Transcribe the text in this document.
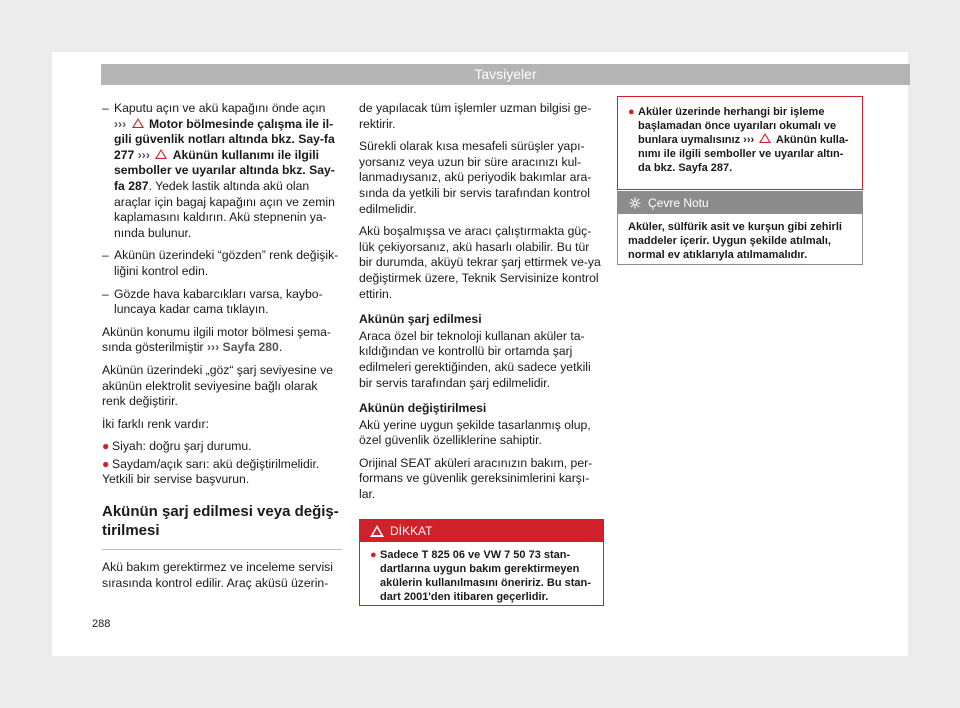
Tavsiyeler
– Kaputu açın ve akü kapağını önde açın
››› Motor bölmesinde çalışma ile il-gili güvenlik notları altında bkz. Say-fa 277 ››› Akünün kullanımı ile ilgili semboller ve uyarılar altında bkz. Say-fa 287. Yedek lastik altında akü olan araçlar için bagaj kapağını açın ve zemin kaplamasını kaldırın. Akü stepnenin ya-nında bulunur.
– Akünün üzerindeki “gözden” renk değişik-liğini kontrol edin.
– Gözde hava kabarcıkları varsa, kaybo-luncaya kadar cama tıklayın.

Akünün konumu ilgili motor bölmesi şema-sında gösterilmiştir ››› Sayfa 280.

Akünün üzerindeki „göz“ şarj seviyesine ve akünün elektrolit seviyesine bağlı olarak renk değiştirir.

İki farklı renk vardır:

● Siyah: doğru şarj durumu.
● Saydam/açık sarı: akü değiştirilmelidir.

Yetkili bir servise başvurun.

Akünün şarj edilmesi veya değiş-tirilmesi

Akü bakım gerektirmez ve inceleme servisi sırasında kontrol edilir. Araç aküsü üzerin-

de yapılacak tüm işlemler uzman bilgisi ge-rektirir.

Sürekli olarak kısa mesafeli sürüşler yapı-yorsanız veya uzun bir süre aracınızı kul-lanmadıysanız, akü periyodik bakımlar ara-sında da yetkili bir servis tarafından kontrol edilmelidir.

Akü boşalmışsa ve aracı çalıştırmakta güç-lük çekiyorsanız, akü hasarlı olabilir. Bu tür bir durumda, aküyü tekrar şarj ettirmek ve-ya değiştirmek üzere, Teknik Servisinize kontrol ettirin.

Akünün şarj edilmesi

Araca özel bir teknoloji kullanan aküler ta-kıldığından ve kontrollü bir ortamda şarj edilmeleri gerektiğinden, akü sadece yetkili bir servis tarafından şarj edilmelidir.

Akünün değiştirilmesi

Akü yerine uygun şekilde tasarlanmış olup, özel güvenlik özelliklerine sahiptir.

Orijinal SEAT aküleri aracınızın bakım, per-formans ve güvenlik gereksinimlerini karşı-lar.

DİKKAT
● Sadece T 825 06 ve VW 7 50 73 stan-dartlarına uygun bakım gerektirmeyen akülerin kullanılmasını öneririz. Bu stan-dart 2001'den itibaren geçerlidir.
● Aküler üzerinde herhangi bir işleme başlamadan önce uyarıları okumalı ve bunlara uymalısınız ››› Akünün kulla-nımı ile ilgili semboller ve uyarılar altın-da bkz. Sayfa 287.
Çevre Notu
Aküler, sülfürik asit ve kurşun gibi zehirli maddeler içerir. Uygun şekilde atılmalı, normal ev atıklarıyla atılmamalıdır.
288
